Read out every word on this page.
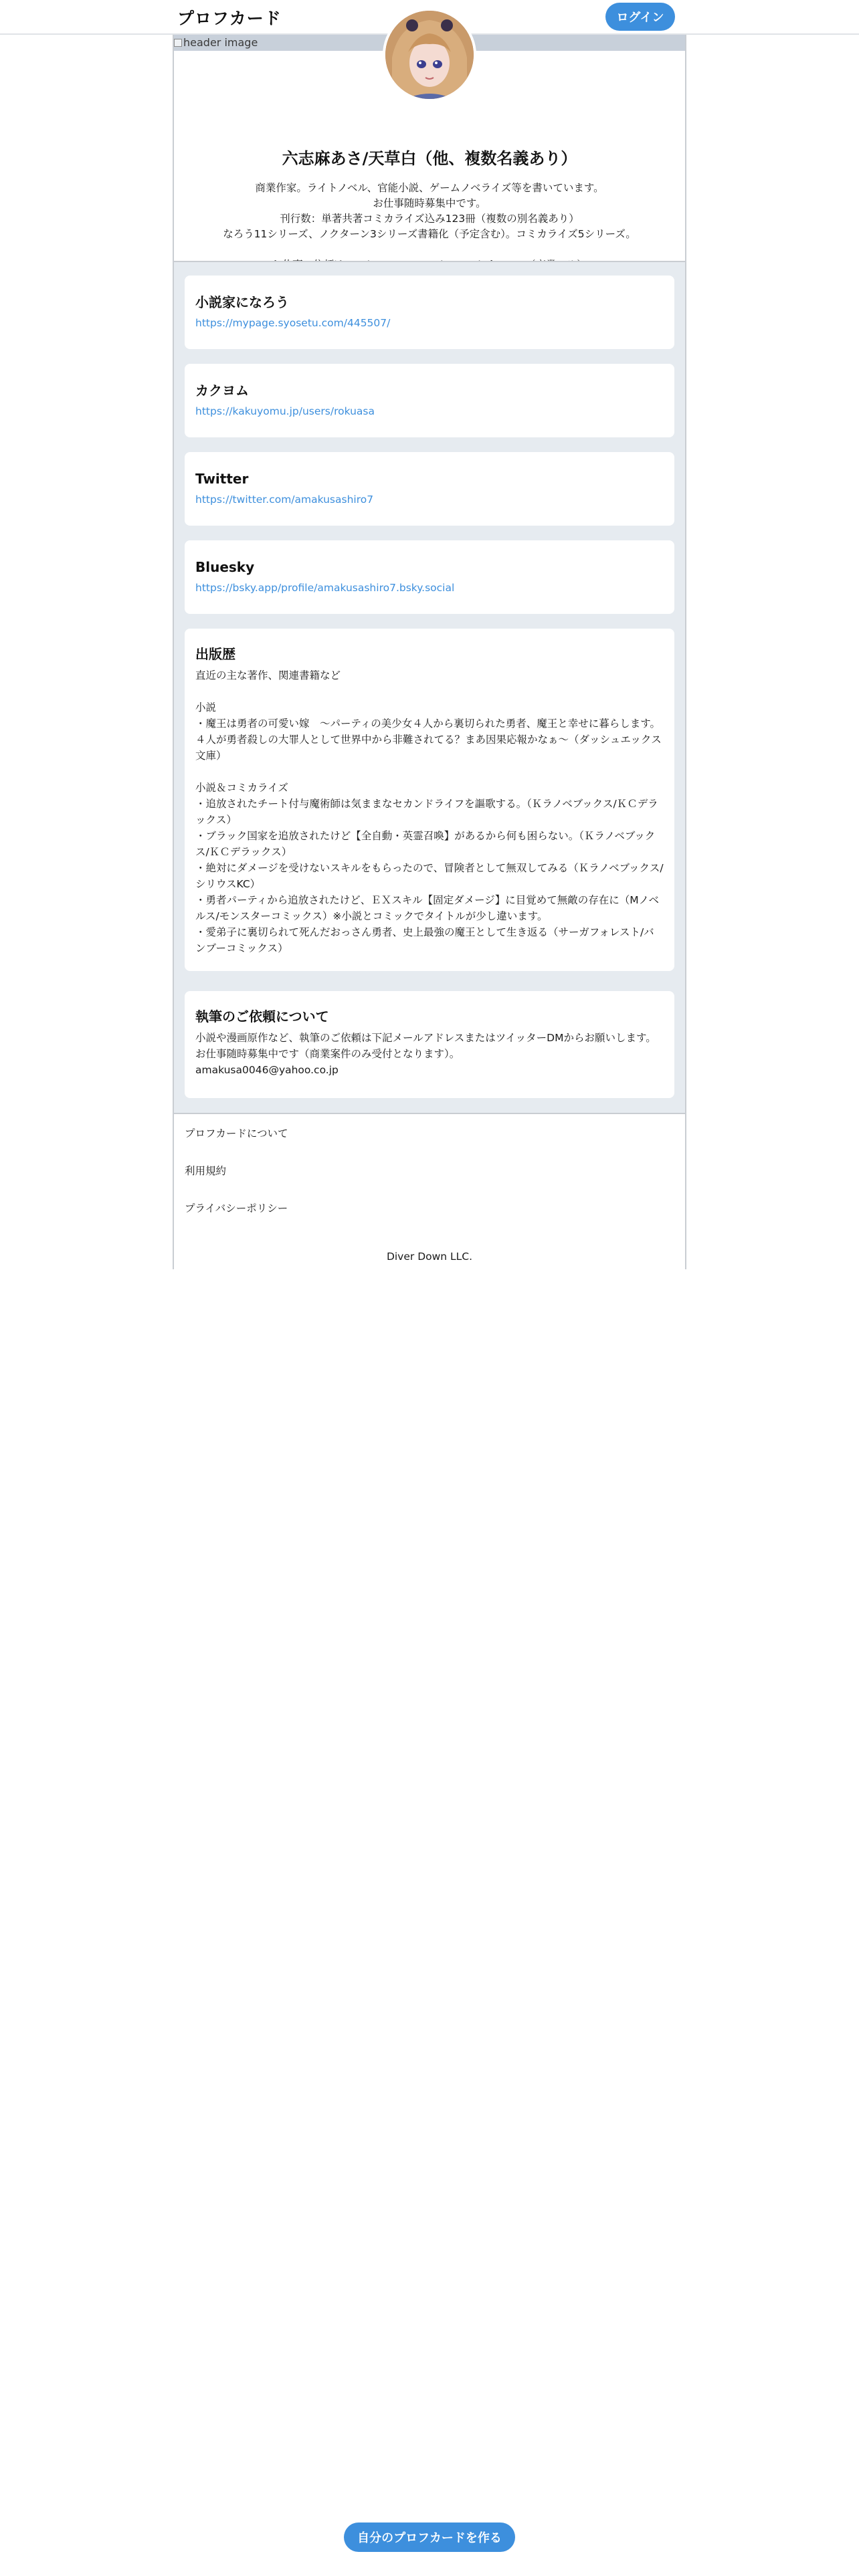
プロフカード	ログイン
header image
六志麻あさ/天草白（他、複数名義あり）
商業作家。ライトノベル、官能小説、ゲームノベライズ等を書いています。
お仕事随時募集中です。
刊行数：単著共著コミカライズ込み123冊（複数の別名義あり）
なろう11シリーズ、ノクターン3シリーズ書籍化（予定含む）。コミカライズ5シリーズ。

小説家になろう
https://mypage.syosetu.com/445507/
カクヨム
https://kakuyomu.jp/users/rokuasa
Twitter
https://twitter.com/amakusashiro7
Bluesky
https://bsky.app/profile/amakusashiro7.bsky.social
出版歴
直近の主な著作、関連書籍など

小説
・魔王は勇者の可愛い嫁　〜パーティの美少女４人から裏切られた勇者、魔王と幸せに暮らします。４人が勇者殺しの大罪人として世界中から非難されてる？まあ因果応報かなぁ〜（ダッシュエックス文庫）

小説＆コミカライズ
・追放されたチート付与魔術師は気ままなセカンドライフを謳歌する。（Ｋラノベブックス/ＫＣデラックス）
・ブラック国家を追放されたけど【全自動・英霊召喚】があるから何も困らない。（Ｋラノベブックス/ＫＣデラックス）
・絶対にダメージを受けないスキルをもらったので、冒険者として無双してみる（Ｋラノベブックス/シリウスKC）
・勇者パーティから追放されたけど、ＥＸスキル【固定ダメージ】に目覚めて無敵の存在に（Mノベルス/モンスターコミックス）※小説とコミックでタイトルが少し違います。
・愛弟子に裏切られて死んだおっさん勇者、史上最強の魔王として生き返る（サーガフォレスト/バンブーコミックス）
執筆のご依頼について
小説や漫画原作など、執筆のご依頼は下記メールアドレスまたはツイッターDMからお願いします。お仕事随時募集中です（商業案件のみ受付となります）。
amakusa0046@yahoo.co.jp
プロフカードについて
利用規約
プライバシーポリシー
Diver Down LLC.
自分のプロフカードを作る
